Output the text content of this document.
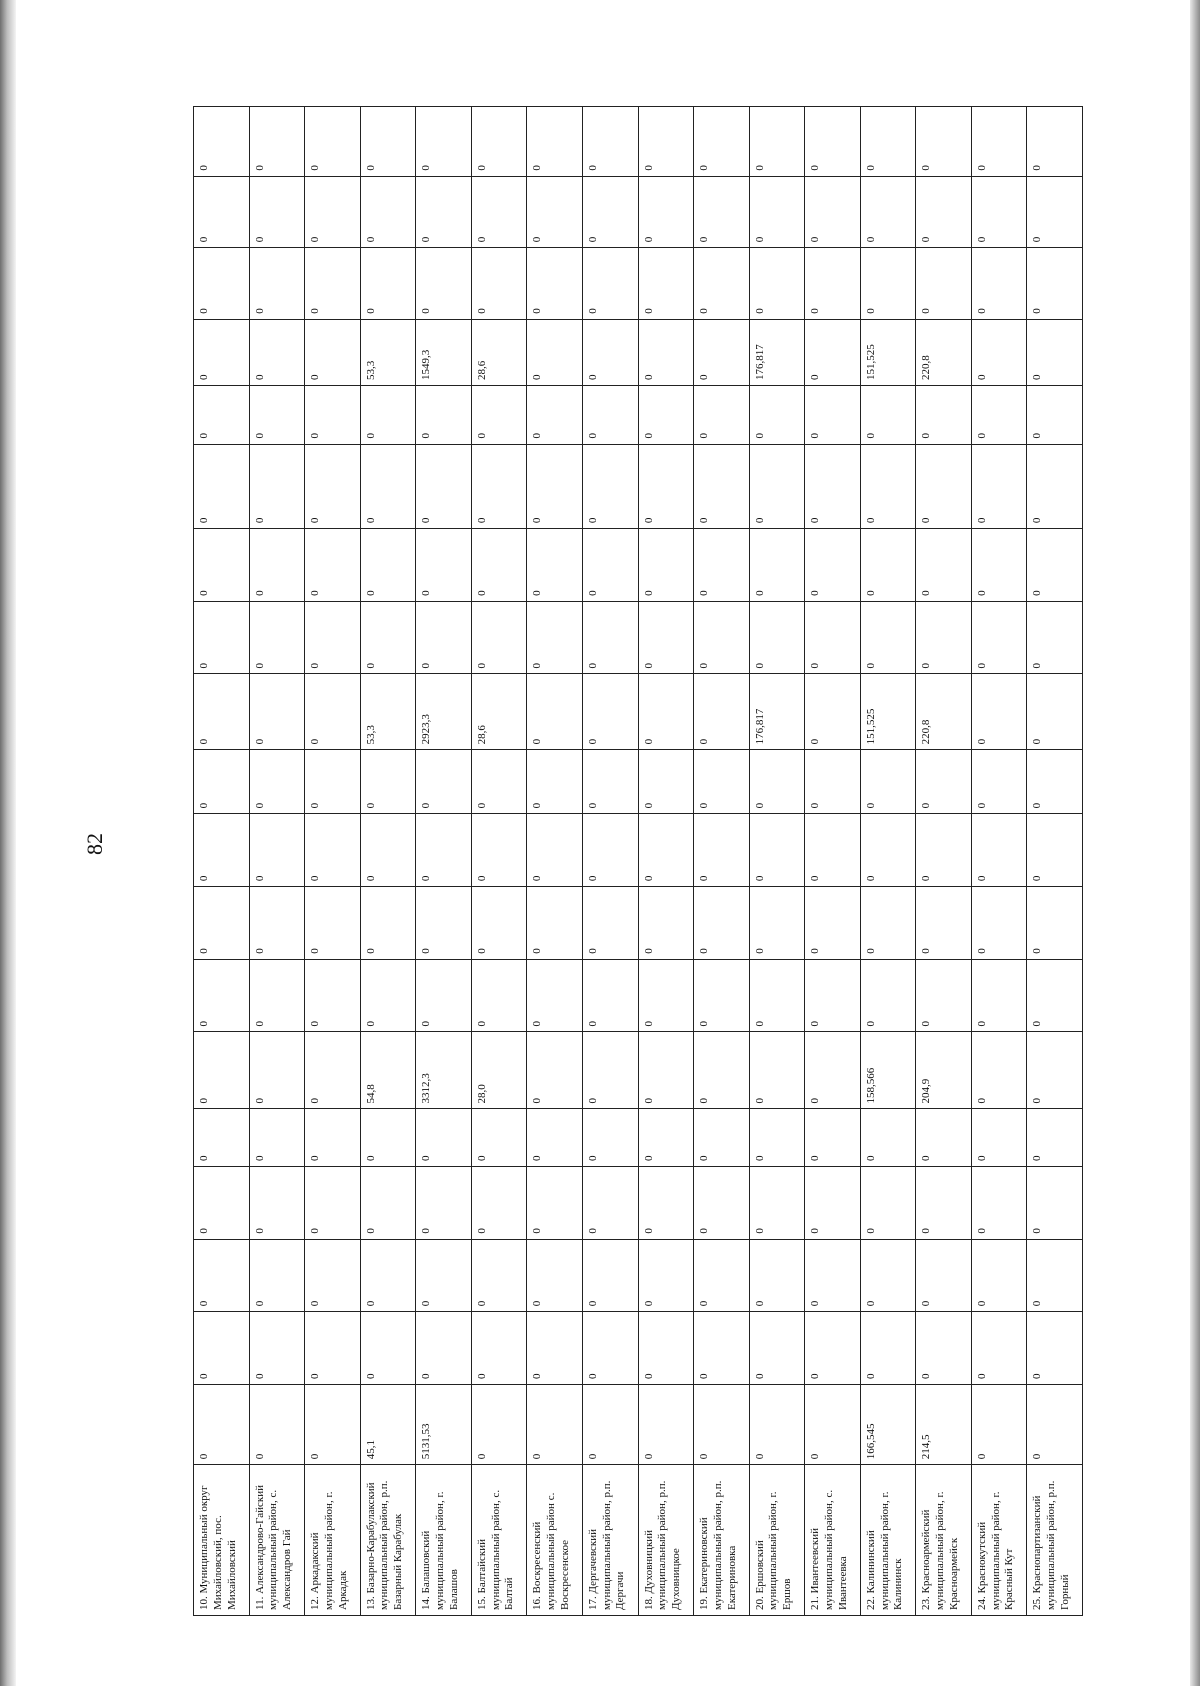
82
10. Муниципальный округ Михайловский, пос. Михайловский	0	0	0	0	0	0	0	0	0	0	0	0	0	0	0	0	0	0	0
11. Александрово-Гайский муниципальный район, с. Александров Гай	0	0	0	0	0	0	0	0	0	0	0	0	0	0	0	0	0	0	0
12. Аркадакский муниципальный район, г. Аркадак	0	0	0	0	0	0	0	0	0	0	0	0	0	0	0	0	0	0	0
13. Базарно-Карабулакский муниципальный район, р.п. Базарный Карабулак	45,1	0	0	0	0	54,8	0	0	0	0	53,3	0	0	0	0	53,3	0	0	0
14. Балашовский муниципальный район, г. Балашов	5131,53	0	0	0	0	3312,3	0	0	0	0	2923,3	0	0	0	0	1549,3	0	0	0
15. Балтайский муниципальный район, с. Балтай	0	0	0	0	0	28,0	0	0	0	0	28,6	0	0	0	0	28,6	0	0	0
16. Воскресенский муниципальный район с. Воскресенское	0	0	0	0	0	0	0	0	0	0	0	0	0	0	0	0	0	0	0
17. Дергачевский муниципальный район, р.п. Дергачи	0	0	0	0	0	0	0	0	0	0	0	0	0	0	0	0	0	0	0
18. Духовницкий муниципальный район, р.п. Духовницкое	0	0	0	0	0	0	0	0	0	0	0	0	0	0	0	0	0	0	0
19. Екатериновский муниципальный район, р.п. Екатериновка	0	0	0	0	0	0	0	0	0	0	0	0	0	0	0	0	0	0	0
20. Ершовский муниципальный район, г. Ершов	0	0	0	0	0	0	0	0	0	0	176,817	0	0	0	0	176,817	0	0	0
21. Ивантеевский муниципальный район, с. Ивантеевка	0	0	0	0	0	0	0	0	0	0	0	0	0	0	0	0	0	0	0
22. Калининский муниципальный район, г. Калининск	166,545	0	0	0	0	158,566	0	0	0	0	151,525	0	0	0	0	151,525	0	0	0
23. Красноармейский муниципальный район, г. Красноармейск	214,5	0	0	0	0	204,9	0	0	0	0	220,8	0	0	0	0	220,8	0	0	0
24. Краснокутский муниципальный район, г. Красный Кут	0	0	0	0	0	0	0	0	0	0	0	0	0	0	0	0	0	0	0
25. Краснопартизанский муниципальный район, р.п. Горный	0	0	0	0	0	0	0	0	0	0	0	0	0	0	0	0	0	0	0
